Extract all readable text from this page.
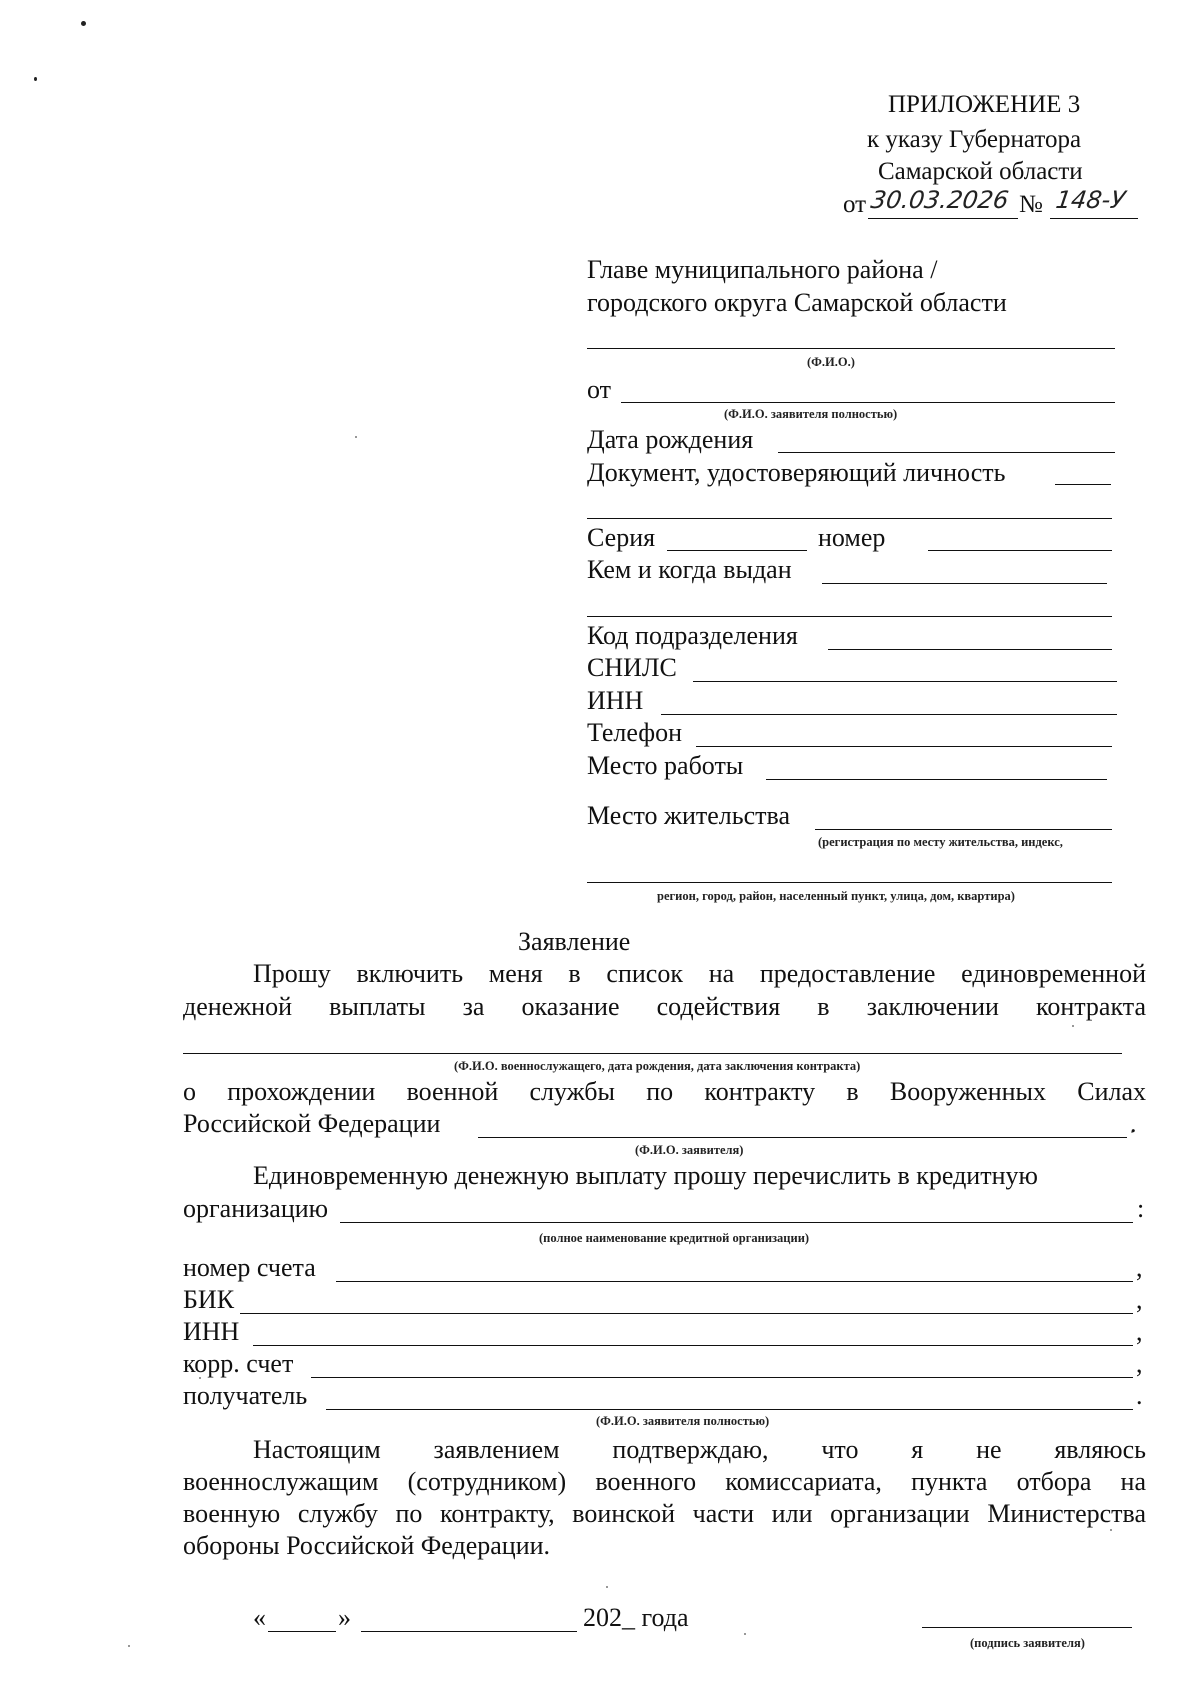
ПРИЛОЖЕНИЕ 3
к указу Губернатора
Самарской области
от 30.03.2026 № 148-У
Главе муниципального района /
городского округа Самарской области
(Ф.И.О.)
от
(Ф.И.О. заявителя полностью)
Дата рождения
Документ, удостоверяющий личность
Серия	номер
Кем и когда выдан
Код подразделения
СНИЛС
ИНН
Телефон
Место работы
Место жительства
(регистрация по месту жительства, индекс,
регион, город, район, населенный пункт, улица, дом, квартира)
Заявление
Прошу включить меня в список на предоставление единовременной
денежной выплаты за оказание содействия в заключении контракта
(Ф.И.О. военнослужащего, дата рождения, дата заключения контракта)
о прохождении военной службы по контракту в Вооруженных Силах
Российской Федерации	.
(Ф.И.О. заявителя)
Единовременную денежную выплату прошу перечислить в кредитную
организацию	:
(полное наименование кредитной организации)
номер счета	,
БИК	,
ИНН	,
корр. счет	,
получатель	.
(Ф.И.О. заявителя полностью)
Настоящим заявлением подтверждаю, что я не являюсь
военнослужащим (сотрудником) военного комиссариата, пункта отбора на
военную службу по контракту, воинской части или организации Министерства
обороны Российской Федерации.
«	»	202_ года
(подпись заявителя)
